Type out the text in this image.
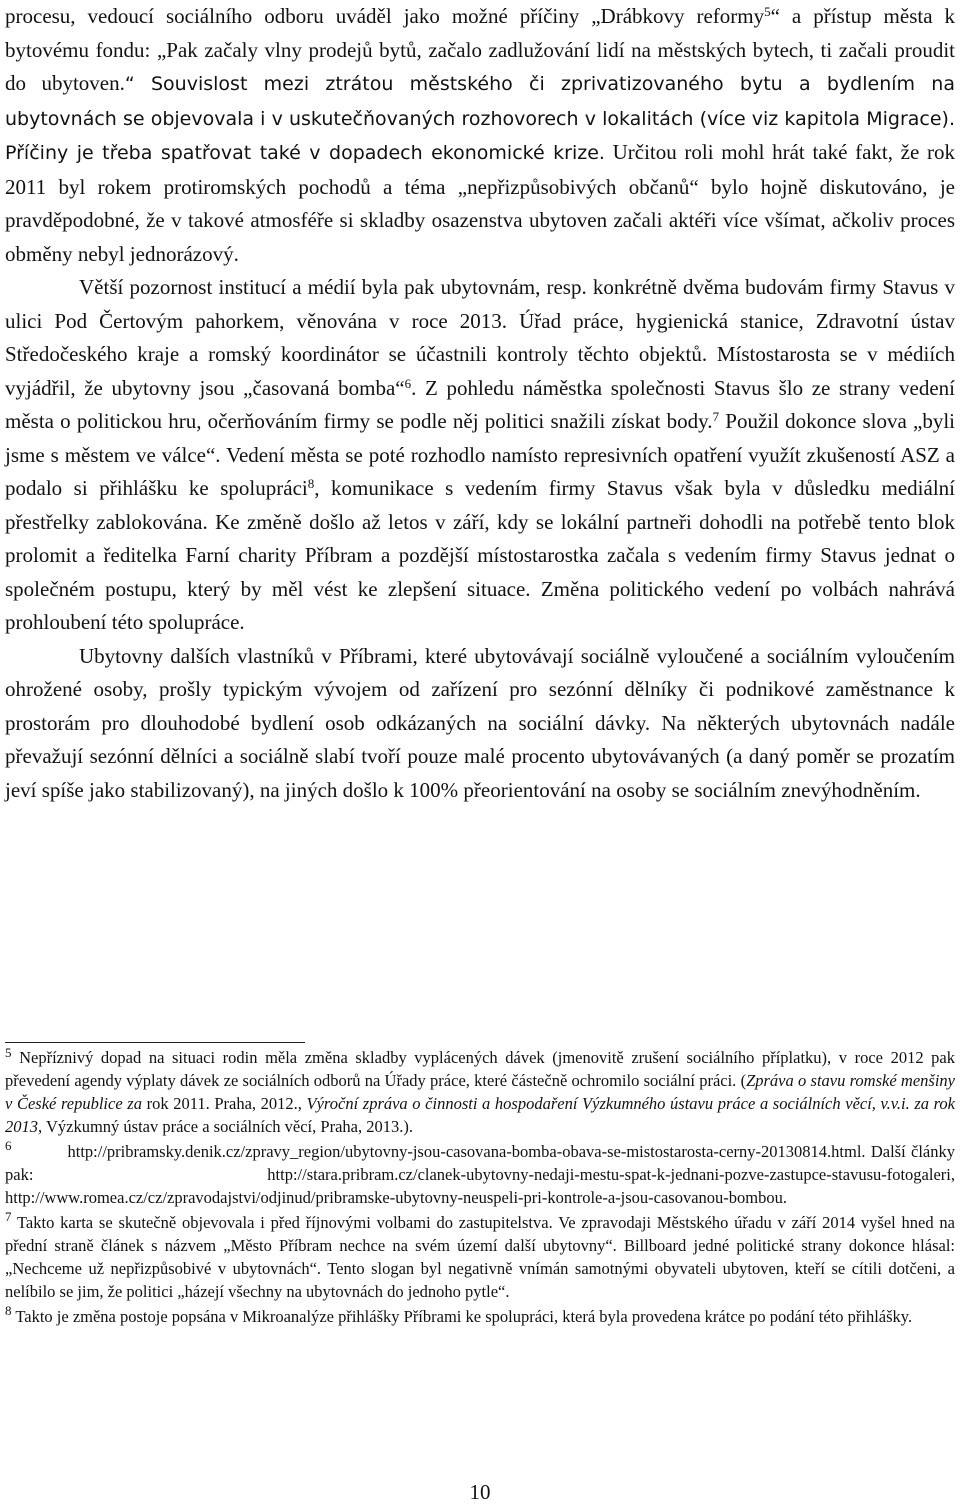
procesu, vedoucí sociálního odboru uváděl jako možné příčiny „Drábkovy reformy$^5$“ a přístup města k bytovému fondu: „Pak začaly vlny prodejů bytů, začalo zadlužování lidí na městských bytech, ti začali proudit do ubytoven.“ Souvislost mezi ztrátou městského či zprivatizovaného bytu a bydlením na ubytovnách se objevovala i v uskutečňovaných rozhovorech v lokalitách (více viz kapitola Migrace). Příčiny je třeba spatřovat také v dopadech ekonomické krize. Určitou roli mohl hrát také fakt, že rok 2011 byl rokem protiromských pochodů a téma „nepřizpůsobivých občanů“ bylo hojně diskutováno, je pravděpodobné, že v takové atmosféře si skladby osazenstva ubytoven začali aktéři více všímat, ačkoliv proces obměny nebyl jednorázový.

Větší pozornost institucí a médií byla pak ubytovnám, resp. konkrétně dvěma budovám firmy Stavus v ulici Pod Čertovým pahorkem, věnována v roce 2013. Úřad práce, hygienická stanice, Zdravotní ústav Středočeského kraje a romský koordinátor se účastnili kontroly těchto objektů. Místostarosta se v médiích vyjádřil, že ubytovny jsou „časovaná bomba“$^6$. Z pohledu náměstka společnosti Stavus šlo ze strany vedení města o politickou hru, očerňováním firmy se podle něj politici snažili získat body.$^7$ Použil dokonce slova „byli jsme s městem ve válce“. Vedení města se poté rozhodlo namísto represivních opatření využít zkušeností ASZ a podalo si přihlášku ke spolupráci$^8$, komunikace s vedením firmy Stavus však byla v důsledku mediální přestřelky zablokována. Ke změně došlo až letos v září, kdy se lokální partneři dohodli na potřebě tento blok prolomit a ředitelka Farní charity Příbram a pozdější místostarostka začala s vedením firmy Stavus jednat o společném postupu, který by měl vést ke zlepšení situace. Změna politického vedení po volbách nahrává prohloubení této spolupráce.

Ubytovny dalších vlastníků v Příbrami, které ubytovávají sociálně vyloučené a sociálním vyloučením ohrožené osoby, prošly typickým vývojem od zařízení pro sezónní dělníky či podnikové zaměstnance k prostorám pro dlouhodobé bydlení osob odkázaných na sociální dávky. Na některých ubytovnách nadále převažují sezónní dělníci a sociálně slabí tvoří pouze malé procento ubytovávaných (a daný poměr se prozatím jeví spíše jako stabilizovaný), na jiných došlo k 100% přeorientování na osoby se sociálním znevýhodněním.

$^5$ Nepříznivý dopad na situaci rodin měla změna skladby vyplácených dávek (jmenovitě zrušení sociálního příplatku), v roce 2012 pak převedení agendy výplaty dávek ze sociálních odborů na Úřady práce, které částečně ochromilo sociální práci. (Zpráva o stavu romské menšiny v České republice za rok 2011. Praha, 2012., Výroční zpráva o činnosti a hospodaření Výzkumného ústavu práce a sociálních věcí, v.v.i. za rok 2013, Výzkumný ústav práce a sociálních věcí, Praha, 2013.).

$^6$	http://pribramsky.denik.cz/zpravy_region/ubytovny-jsou-casovana-bomba-obava-se-mistostarosta-cerny-20130814.html. Další články pak: http://stara.pribram.cz/clanek-ubytovny-nedaji-mestu-spat-k-jednani-pozve-zastupce-stavusu-fotogaleri, http://www.romea.cz/cz/zpravodajstvi/odjinud/pribramske-ubytovny-neuspeli-pri-kontrole-a-jsou-casovanou-bombou.

$^7$ Takto karta se skutečně objevovala i před říjnovými volbami do zastupitelstva. Ve zpravodaji Městského úřadu v září 2014 vyšel hned na přední straně článek s názvem „Město Příbram nechce na svém území další ubytovny“. Billboard jedné politické strany dokonce hlásal: „Nechceme už nepřizpůsobivé v ubytovnách“. Tento slogan byl negativně vnímán samotnými obyvateli ubytoven, kteří se cítili dotčeni, a nelíbilo se jim, že politici „házejí všechny na ubytovnách do jednoho pytle“.

$^8$ Takto je změna postoje popsána v Mikroanalýze přihlášky Příbrami ke spolupráci, která byla provedena krátce po podání této přihlášky.

10
